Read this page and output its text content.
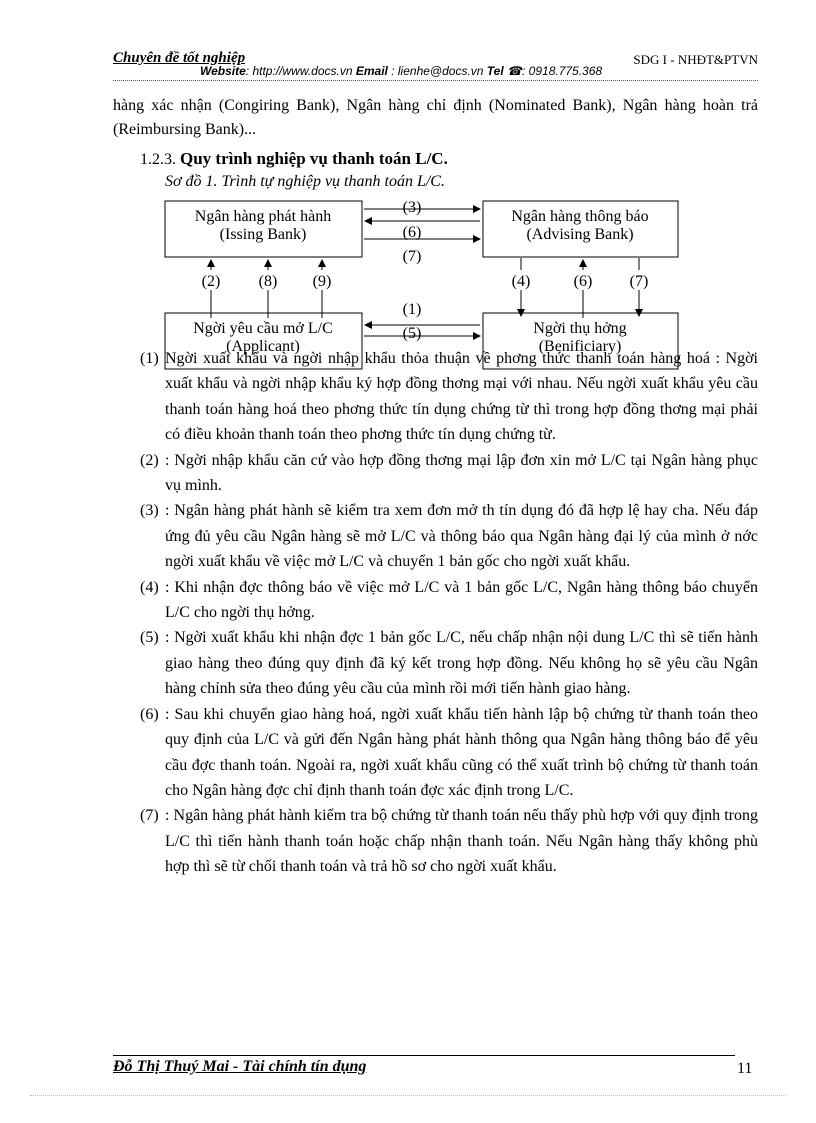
Chuyên đề tốt nghiệp	SDG I - NHĐT&PTVN
Website: http://www.docs.vn Email : lienhe@docs.vn Tel ☎: 0918.775.368
hàng xác nhận (Congiring Bank), Ngân hàng chỉ định (Nominated Bank), Ngân hàng hoàn trả (Reimbursing Bank)...
1.2.3. Quy trình nghiệp vụ thanh toán L/C.
Sơ đồ 1. Trình tự nghiệp vụ thanh toán L/C.
Ngân hàng phát hành
(Issing Bank)
Ngân hàng thông báo
(Advising Bank)
Ngời yêu cầu mở L/C
(Applicant)
Ngời thụ hởng
(Benificiary)
(3)
(6)
(7)
(1)
(5)
(2) (8) (9)	(4)	(6) (7)
(1) Ngời xuất khẩu và ngời nhập khẩu thỏa thuận về phơng thức thanh toán hàng hoá : Ngời xuất khẩu và ngời nhập khẩu ký hợp đồng thơng mại với nhau. Nếu ngời xuất khẩu yêu cầu thanh toán hàng hoá theo phơng thức tín dụng chứng từ thì trong hợp đồng thơng mại phải có điều khoản thanh toán theo phơng thức tín dụng chứng từ.
(2) : Ngời nhập khẩu căn cứ vào hợp đồng thơng mại lập đơn xin mở L/C tại Ngân hàng phục vụ mình.
(3) : Ngân hàng phát hành sẽ kiểm tra xem đơn mở th tín dụng đó đã hợp lệ hay cha. Nếu đáp ứng đủ yêu cầu Ngân hàng sẽ mở L/C và thông báo qua Ngân hàng đại lý của mình ở nớc ngời xuất khẩu về việc mở L/C và chuyển 1 bản gốc cho ngời xuất khẩu.
(4) : Khi nhận đợc thông báo về việc mở L/C và 1 bản gốc L/C, Ngân hàng thông báo chuyển L/C cho ngời thụ hởng.
(5) : Ngời xuất khẩu khi nhận đợc 1 bản gốc L/C, nếu chấp nhận nội dung L/C thì sẽ tiến hành giao hàng theo đúng quy định đã ký kết trong hợp đồng. Nếu không họ sẽ yêu cầu Ngân hàng chỉnh sửa theo đúng yêu cầu của mình rồi mới tiến hành giao hàng.
(6) : Sau khi chuyển giao hàng hoá, ngời xuất khẩu tiến hành lập bộ chứng từ thanh toán theo quy định của L/C và gửi đến Ngân hàng phát hành thông qua Ngân hàng thông báo để yêu cầu đợc thanh toán. Ngoài ra, ngời xuất khẩu cũng có thể xuất trình bộ chứng từ thanh toán cho Ngân hàng đợc chỉ định thanh toán đợc xác định trong L/C.
(7) : Ngân hàng phát hành kiểm tra bộ chứng từ thanh toán nếu thấy phù hợp với quy định trong L/C thì tiến hành thanh toán hoặc chấp nhận thanh toán. Nếu Ngân hàng thấy không phù hợp thì sẽ từ chối thanh toán và trả hồ sơ cho ngời xuất khẩu.
Đỗ Thị Thuý Mai - Tài chính tín dụng	11
